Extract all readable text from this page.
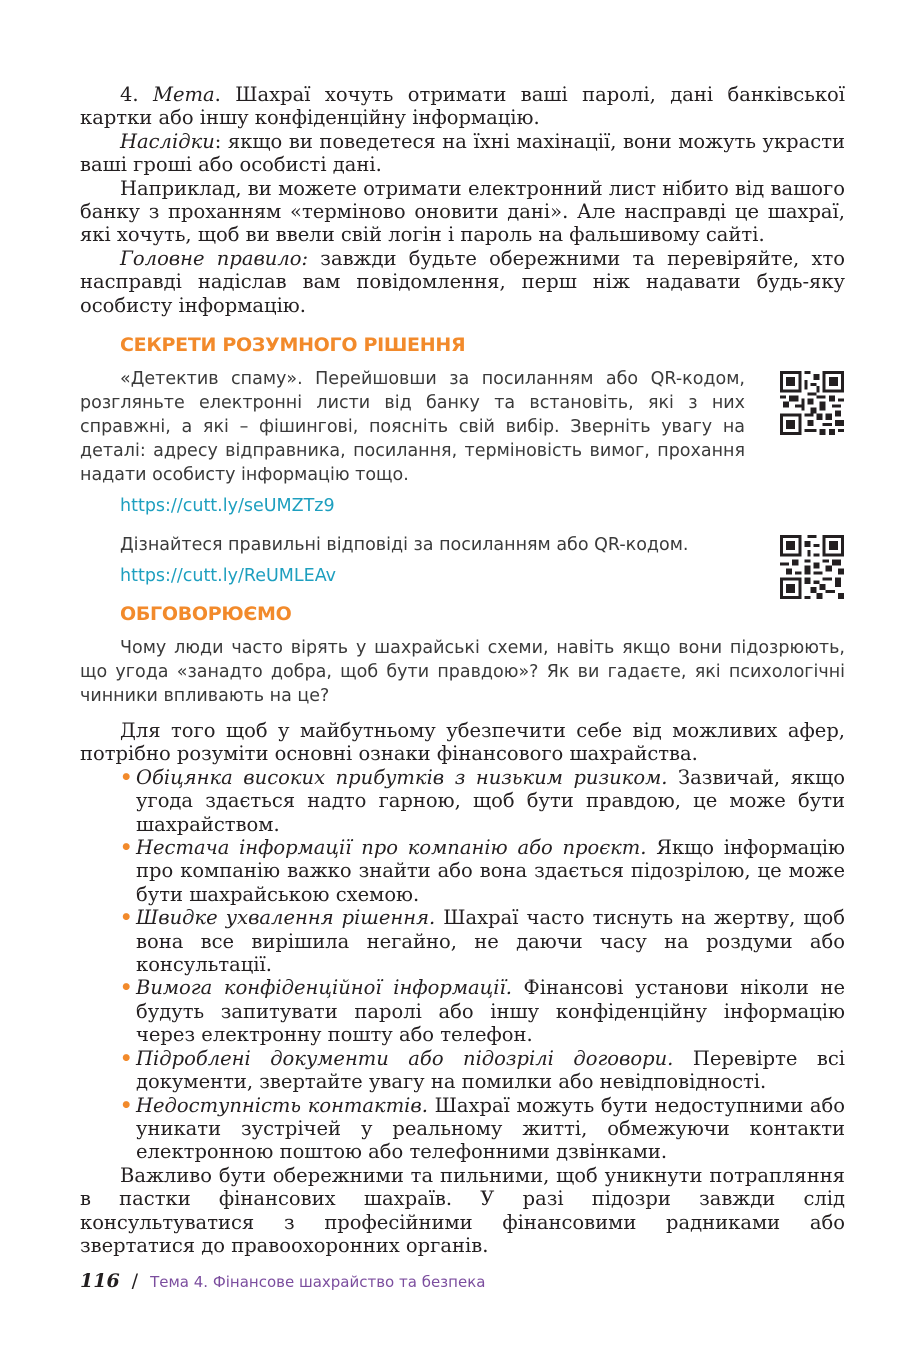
4. Мета. Шахраї хочуть отримати ваші паролі, дані банківської картки або іншу конфіденційну інформацію.

Наслідки: якщо ви поведетеся на їхні махінації, вони можуть украсти ваші гроші або особисті дані.

Наприклад, ви можете отримати електронний лист нібито від вашого банку з проханням «терміново оновити дані». Але насправді це шахраї, які хочуть, щоб ви ввели свій логін і пароль на фальшивому сайті.

Головне правило: завжди будьте обережними та перевіряйте, хто насправді надіслав вам повідомлення, перш ніж надавати будь-яку особисту інформацію.

СЕКРЕТИ РОЗУМНОГО РІШЕННЯ

«Детектив спаму». Перейшовши за посиланням або QR-кодом, розгляньте електронні листи від банку та встановіть, які з них справжні, а які – фішингові, поясніть свій вибір. Зверніть увагу на деталі: адресу відправника, посилання, терміновість вимог, прохання надати особисту інформацію тощо.

https://cutt.ly/seUMZTz9

Дізнайтеся правильні відповіді за посиланням або QR-кодом.

https://cutt.ly/ReUMLEAv

ОБГОВОРЮЄМО

Чому люди часто вірять у шахрайські схеми, навіть якщо вони підозрюють, що угода «занадто добра, щоб бути правдою»? Як ви гадаєте, які психологічні чинники впливають на це?

Для того щоб у майбутньому убезпечити себе від можливих афер, потрібно розуміти основні ознаки фінансового шахрайства.

• Обіцянка високих прибутків з низьким ризиком. Зазвичай, якщо угода здається надто гарною, щоб бути правдою, це може бути шахрайством.
• Нестача інформації про компанію або проєкт. Якщо інформацію про компанію важко знайти або вона здається підозрілою, це може бути шахрайською схемою.
• Швидке ухвалення рішення. Шахраї часто тиснуть на жертву, щоб вона все вирішила негайно, не даючи часу на роздуми або консультації.
• Вимога конфіденційної інформації. Фінансові установи ніколи не будуть запитувати паролі або іншу конфіденційну інформацію через електронну пошту або телефон.
• Підроблені документи або підозрілі договори. Перевірте всі документи, звертайте увагу на помилки або невідповідності.
• Недоступність контактів. Шахраї можуть бути недоступними або уникати зустрічей у реальному житті, обмежуючи контакти електронною поштою або телефонними дзвінками.

Важливо бути обережними та пильними, щоб уникнути потрапляння в пастки фінансових шахраїв. У разі підозри завжди слід консультуватися з професійними фінансовими радниками або звертатися до правоохоронних органів.

116 / Тема 4. Фінансове шахрайство та безпека
